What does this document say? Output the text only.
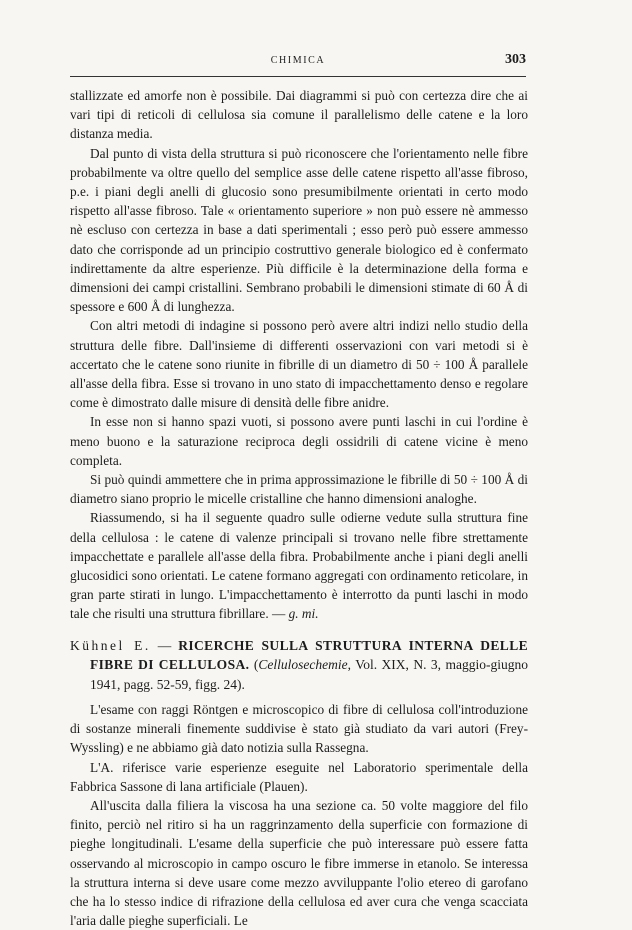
CHIMICA	303

stallizzate ed amorfe non è possibile. Dai diagrammi si può con certezza dire che ai vari tipi di reticoli di cellulosa sia comune il parallelismo delle catene e la loro distanza media.

Dal punto di vista della struttura si può riconoscere che l'orientamento nelle fibre probabilmente va oltre quello del semplice asse delle catene rispetto all'asse fibroso, p.e. i piani degli anelli di glucosio sono presumibilmente orientati in certo modo rispetto all'asse fibroso. Tale « orientamento superiore » non può essere nè ammesso nè escluso con certezza in base a dati sperimentali ; esso però può essere ammesso dato che corrisponde ad un principio costruttivo generale biologico ed è confermato indirettamente da altre esperienze. Più difficile è la determinazione della forma e dimensioni dei campi cristallini. Sembrano probabili le dimensioni stimate di 60 Å di spessore e 600 Å di lunghezza.

Con altri metodi di indagine si possono però avere altri indizi nello studio della struttura delle fibre. Dall'insieme di differenti osservazioni con vari metodi si è accertato che le catene sono riunite in fibrille di un diametro di 50 ÷ 100 Å parallele all'asse della fibra. Esse si trovano in uno stato di impacchettamento denso e regolare come è dimostrato dalle misure di densità delle fibre anidre.

In esse non si hanno spazi vuoti, si possono avere punti laschi in cui l'ordine è meno buono e la saturazione reciproca degli ossidrili di catene vicine è meno completa.

Si può quindi ammettere che in prima approssimazione le fibrille di 50 ÷ 100 Å di diametro siano proprio le micelle cristalline che hanno dimensioni analoghe.

Riassumendo, si ha il seguente quadro sulle odierne vedute sulla struttura fine della cellulosa : le catene di valenze principali si trovano nelle fibre strettamente impacchettate e parallele all'asse della fibra. Probabilmente anche i piani degli anelli glucosidici sono orientati. Le catene formano aggregati con ordinamento reticolare, in gran parte stirati in lungo. L'impacchettamento è interrotto da punti laschi in modo tale che risulti una struttura fibrillare. — g. mi.

Kühnel E. — RICERCHE SULLA STRUTTURA INTERNA DELLE FIBRE DI CELLULOSA. (Cellulosechemie, Vol. XIX, N. 3, maggio-giugno 1941, pagg. 52-59, figg. 24).

L'esame con raggi Röntgen e microscopico di fibre di cellulosa coll'introduzione di sostanze minerali finemente suddivise è stato già studiato da vari autori (Frey-Wyssling) e ne abbiamo già dato notizia sulla Rassegna.

L'A. riferisce varie esperienze eseguite nel Laboratorio sperimentale della Fabbrica Sassone di lana artificiale (Plauen).

All'uscita dalla filiera la viscosa ha una sezione ca. 50 volte maggiore del filo finito, perciò nel ritiro si ha un raggrinzamento della superficie con formazione di pieghe longitudinali. L'esame della superficie che può interessare può essere fatta osservando al microscopio in campo oscuro le fibre immerse in etanolo. Se interessa la struttura interna si deve usare come mezzo avviluppante l'olio etereo di garofano che ha lo stesso indice di rifrazione della cellulosa ed aver cura che venga scacciata l'aria dalle pieghe superficiali. Le
